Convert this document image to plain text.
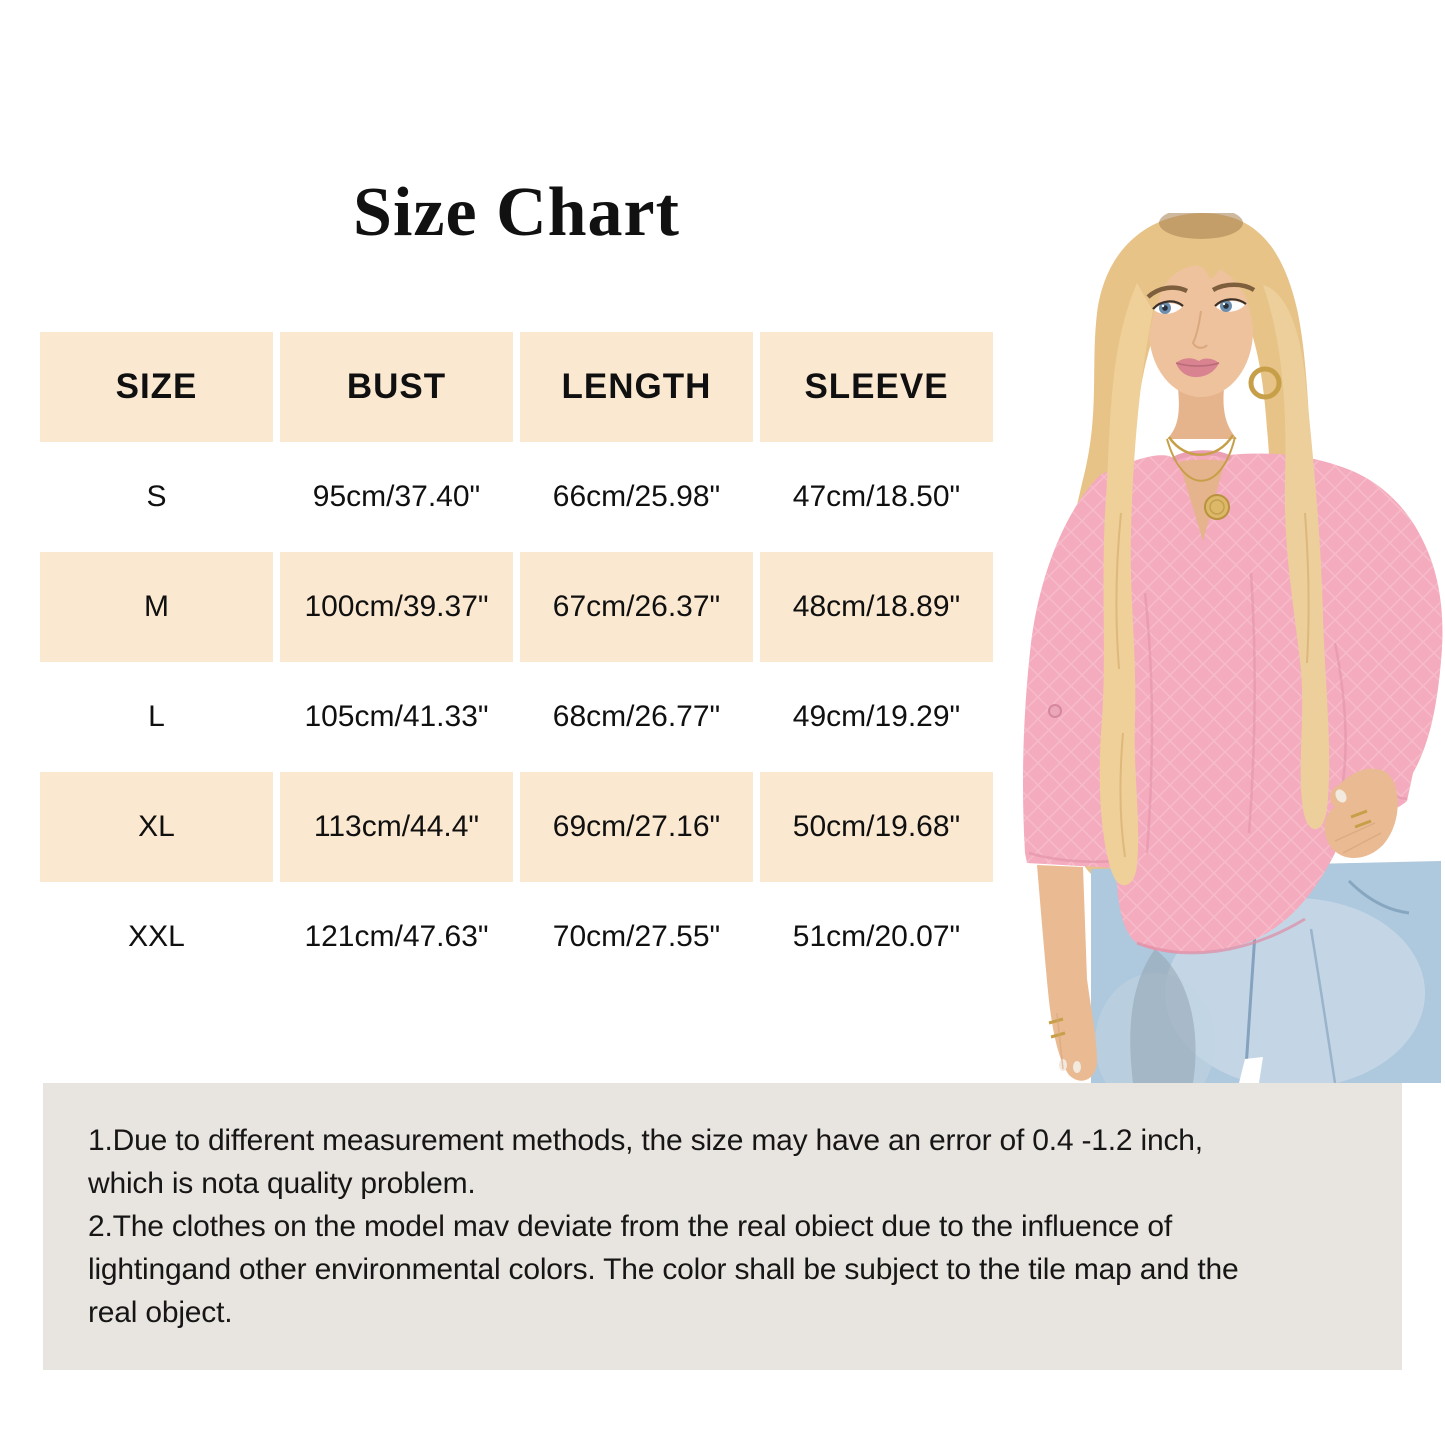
Size Chart
SIZE	BUST	LENGTH	SLEEVE
S	95cm/37.40"	66cm/25.98"	47cm/18.50"
M	100cm/39.37"	67cm/26.37"	48cm/18.89"
L	105cm/41.33"	68cm/26.77"	49cm/19.29"
XL	113cm/44.4"	69cm/27.16"	50cm/19.68"
XXL	121cm/47.63"	70cm/27.55"	51cm/20.07"
1.Due to different measurement methods, the size may have an error of 0.4 -1.2 inch,
which is nota quality problem.
2.The clothes on the model mav deviate from the real obiect due to the influence of
lightingand other environmental colors. The color shall be subject to the tile map and the
real object.
